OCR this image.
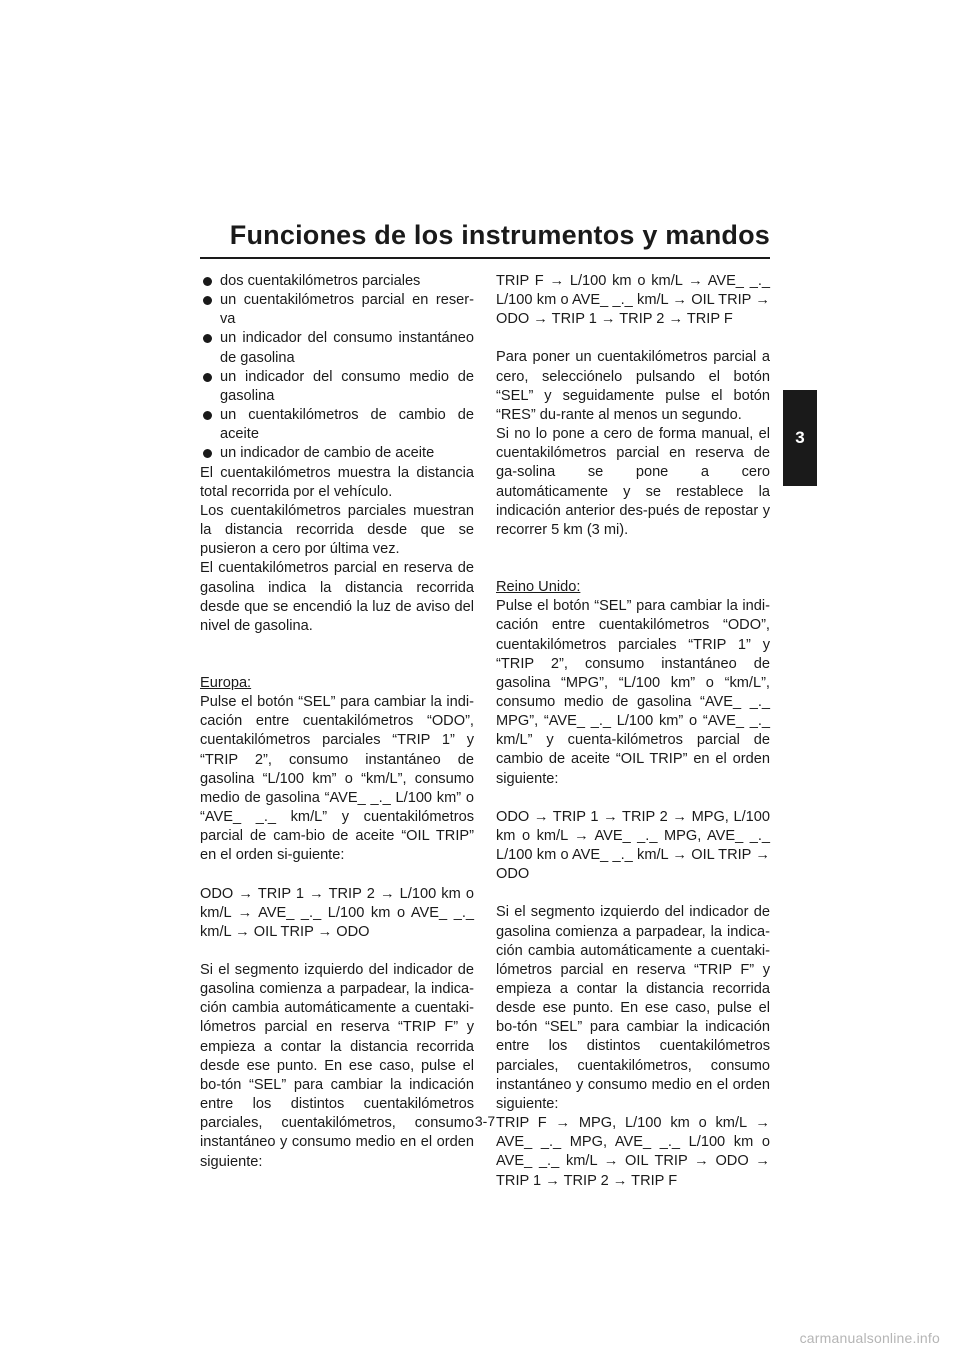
Funciones de los instrumentos y mandos
3
dos cuentakilómetros parciales
un cuentakilómetros parcial en reser-va
un indicador del consumo instantáneo de gasolina
un indicador del consumo medio de gasolina
un cuentakilómetros de cambio de aceite
un indicador de cambio de aceite

El cuentakilómetros muestra la distancia total recorrida por el vehículo.

Los cuentakilómetros parciales muestran la distancia recorrida desde que se pusieron a cero por última vez.

El cuentakilómetros parcial en reserva de gasolina indica la distancia recorrida desde que se encendió la luz de aviso del nivel de gasolina.

Europa:

Pulse el botón “SEL” para cambiar la indi-cación entre cuentakilómetros “ODO”, cuentakilómetros parciales “TRIP 1” y “TRIP 2”, consumo instantáneo de gasolina “L/100 km” o “km/L”, consumo medio de gasolina “AVE_ _._ L/100 km” o “AVE_ _._ km/L” y cuentakilómetros parcial de cam-bio de aceite “OIL TRIP” en el orden si-guiente:

ODO → TRIP 1 → TRIP 2 → L/100 km o km/L → AVE_ _._ L/100 km o AVE_ _._ km/L → OIL TRIP → ODO

Si el segmento izquierdo del indicador de gasolina comienza a parpadear, la indica-ción cambia automáticamente a cuentaki-lómetros parcial en reserva “TRIP F” y empieza a contar la distancia recorrida desde ese punto. En ese caso, pulse el bo-tón “SEL” para cambiar la indicación entre los distintos cuentakilómetros parciales, cuentakilómetros, consumo instantáneo y consumo medio en el orden siguiente:

TRIP F → L/100 km o km/L → AVE_ _._ L/100 km o AVE_ _._ km/L → OIL TRIP → ODO → TRIP 1 → TRIP 2 → TRIP F

Para poner un cuentakilómetros parcial a cero, selecciónelo pulsando el botón “SEL” y seguidamente pulse el botón “RES” du-rante al menos un segundo.

Si no lo pone a cero de forma manual, el cuentakilómetros parcial en reserva de ga-solina se pone a cero automáticamente y se restablece la indicación anterior des-pués de repostar y recorrer 5 km (3 mi).

Reino Unido:

Pulse el botón “SEL” para cambiar la indi-cación entre cuentakilómetros “ODO”, cuentakilómetros parciales “TRIP 1” y “TRIP 2”, consumo instantáneo de gasolina “MPG”, “L/100 km” o “km/L”, consumo medio de gasolina “AVE_ _._ MPG”, “AVE_ _._ L/100 km” o “AVE_ _._ km/L” y cuenta-kilómetros parcial de cambio de aceite “OIL TRIP” en el orden siguiente:

ODO → TRIP 1 → TRIP 2 → MPG, L/100 km o km/L → AVE_ _._ MPG, AVE_ _._ L/100 km o AVE_ _._ km/L → OIL TRIP → ODO

Si el segmento izquierdo del indicador de gasolina comienza a parpadear, la indica-ción cambia automáticamente a cuentaki-lómetros parcial en reserva “TRIP F” y empieza a contar la distancia recorrida desde ese punto. En ese caso, pulse el bo-tón “SEL” para cambiar la indicación entre los distintos cuentakilómetros parciales, cuentakilómetros, consumo instantáneo y consumo medio en el orden siguiente:

TRIP F → MPG, L/100 km o km/L → AVE_ _._ MPG, AVE_ _._ L/100 km o AVE_ _._ km/L → OIL TRIP → ODO → TRIP 1 → TRIP 2 → TRIP F

3-7
carmanualsonline.info
